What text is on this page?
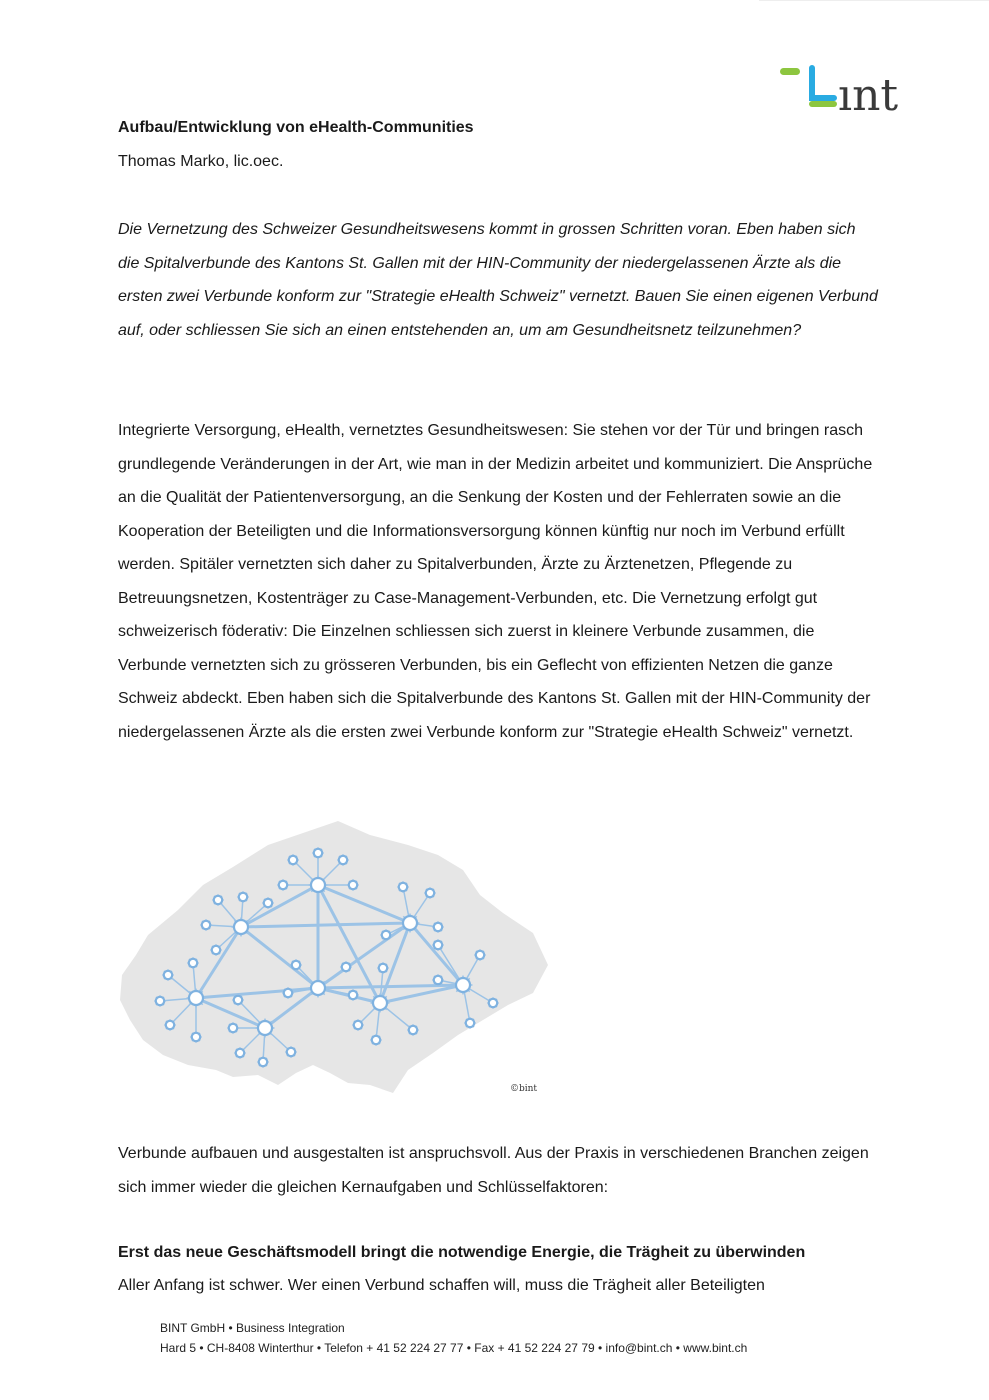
ınt
Aufbau/Entwicklung von eHealth-Communities

Thomas Marko, lic.oec.

Die Vernetzung des Schweizer Gesundheitswesens kommt in grossen Schritten voran. Eben haben sich die Spitalverbunde des Kantons St. Gallen mit der HIN-Community der niedergelassenen Ärzte als die ersten zwei Verbunde konform zur "Strategie eHealth Schweiz" vernetzt. Bauen Sie einen eigenen Verbund auf, oder schliessen Sie sich an einen entstehenden an, um am Gesundheitsnetz teilzunehmen?

Integrierte Versorgung, eHealth, vernetztes Gesundheitswesen: Sie stehen vor der Tür und bringen rasch grundlegende Veränderungen in der Art, wie man in der Medizin arbeitet und kommuniziert. Die Ansprüche an die Qualität der Patientenversorgung, an die Senkung der Kosten und der Fehlerraten sowie an die Kooperation der Beteiligten und die Informationsversorgung können künftig nur noch im Verbund erfüllt werden. Spitäler vernetzten sich daher zu Spitalverbunden, Ärzte zu Ärztenetzen, Pflegende zu Betreuungsnetzen, Kostenträger zu Case-Management-Verbunden, etc. Die Vernetzung erfolgt gut schweizerisch föderativ: Die Einzelnen schliessen sich zuerst in kleinere Verbunde zusammen, die Verbunde vernetzten sich zu grösseren Verbunden, bis ein Geflecht von effizienten Netzen die ganze Schweiz abdeckt. Eben haben sich die Spitalverbunde des Kantons St. Gallen mit der HIN-Community der niedergelassenen Ärzte als die ersten zwei Verbunde konform zur "Strategie eHealth Schweiz" vernetzt.

©bint

Verbunde aufbauen und ausgestalten ist anspruchsvoll. Aus der Praxis in verschiedenen Branchen zeigen sich immer wieder die gleichen Kernaufgaben und Schlüsselfaktoren:

Erst das neue Geschäftsmodell bringt die notwendige Energie, die Trägheit zu überwinden

Aller Anfang ist schwer. Wer einen Verbund schaffen will, muss die Trägheit aller Beteiligten

BINT GmbH • Business Integration
Hard 5 • CH-8408 Winterthur • Telefon + 41 52 224 27 77 • Fax + 41 52 224 27 79 • info@bint.ch • www.bint.ch
